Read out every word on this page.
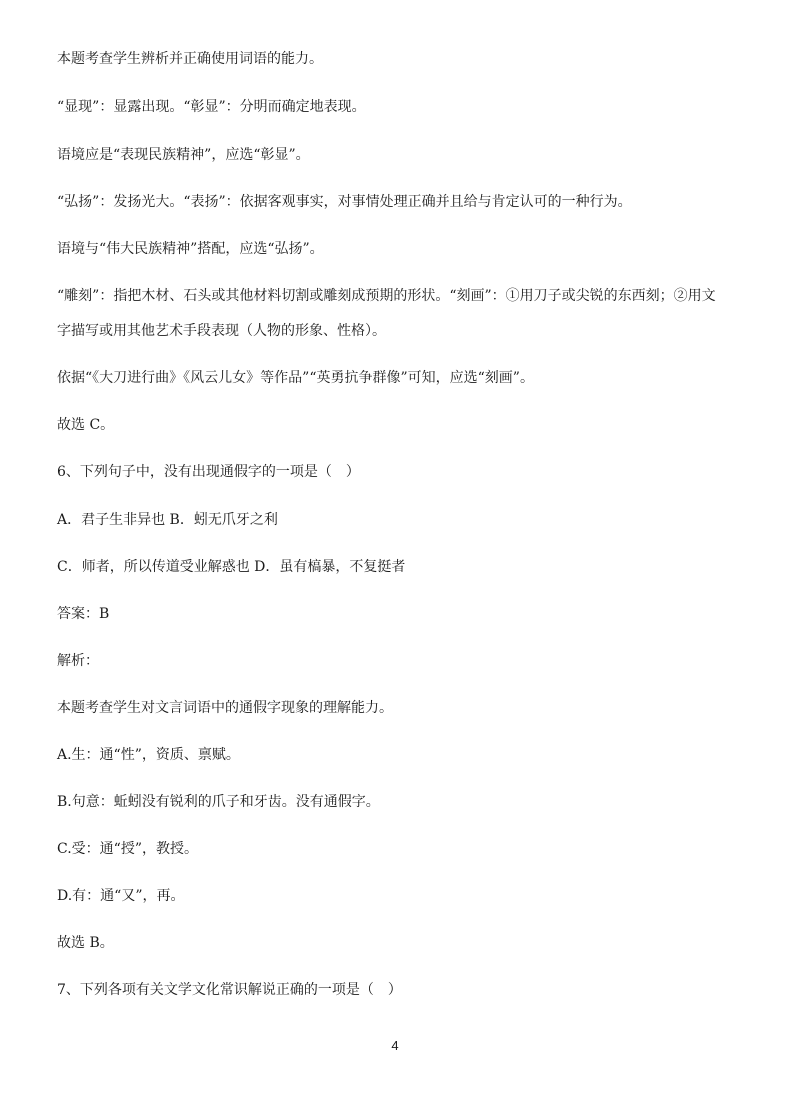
本题考查学生辨析并正确使用词语的能力。
“显现”：显露出现。“彰显”：分明而确定地表现。
语境应是“表现民族精神”，应选“彰显”。
“弘扬”：发扬光大。“表扬”：依据客观事实，对事情处理正确并且给与肯定认可的一种行为。
语境与“伟大民族精神”搭配，应选“弘扬”。
“雕刻”：指把木材、石头或其他材料切割或雕刻成预期的形状。“刻画”：①用刀子或尖锐的东西刻；②用文
字描写或用其他艺术手段表现（人物的形象、性格）。
依据“《大刀进行曲》《风云儿女》等作品”“英勇抗争群像”可知，应选“刻画”。
故选 C。
6、下列句子中，没有出现通假字的一项是（　）
A．君子生非异也 B．蚓无爪牙之利
C．师者，所以传道受业解惑也 D．虽有槁暴，不复挺者
答案：B
解析：
本题考查学生对文言词语中的通假字现象的理解能力。
A.生：通“性”，资质、禀赋。
B.句意：蚯蚓没有锐利的爪子和牙齿。没有通假字。
C.受：通“授”，教授。
D.有：通“又”，再。
故选 B。
7、下列各项有关文学文化常识解说正确的一项是（　）
4
